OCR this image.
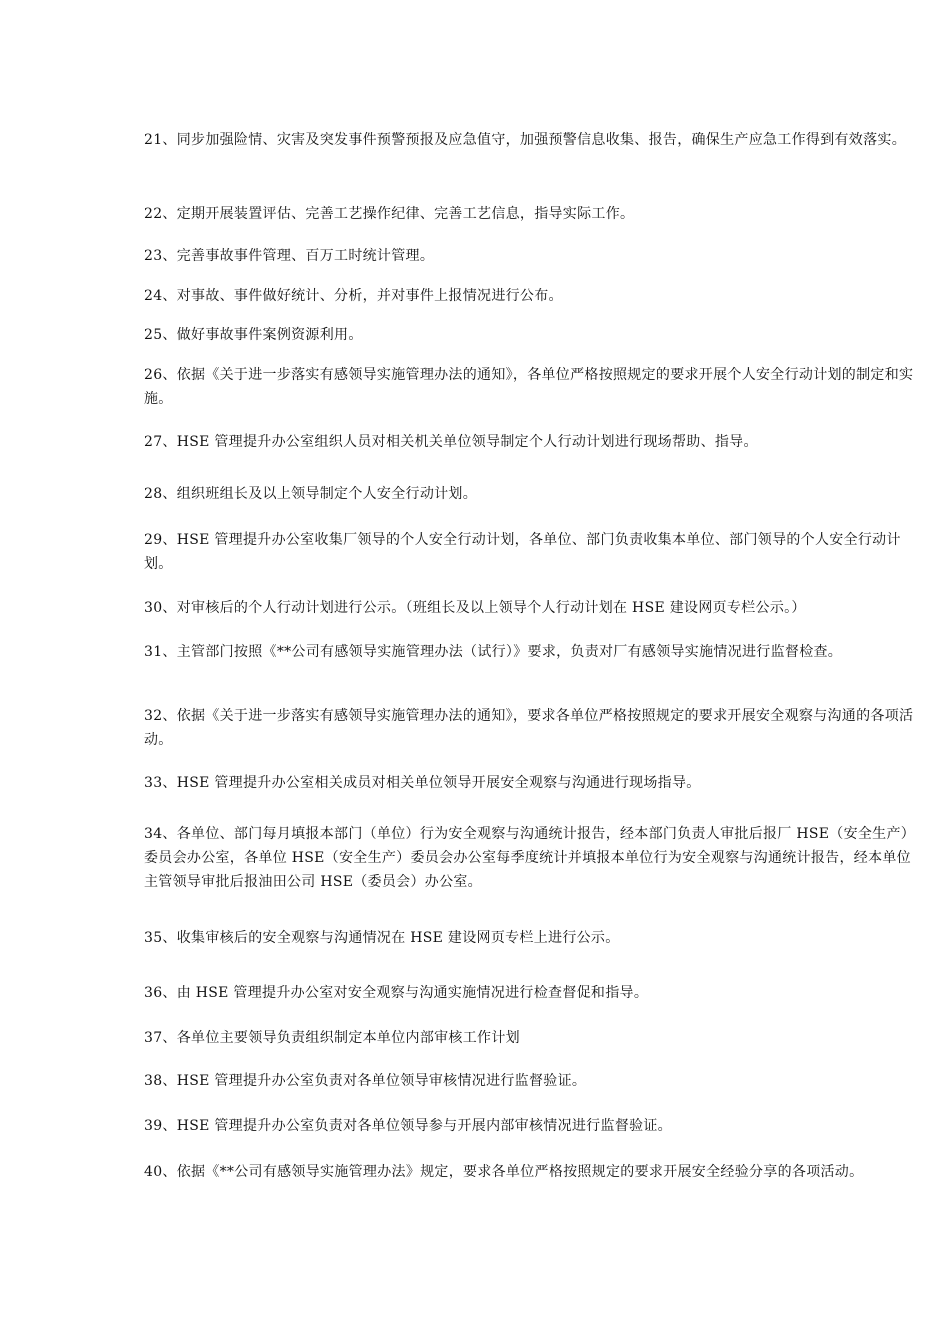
21、同步加强险情、灾害及突发事件预警预报及应急值守，加强预警信息收集、报告，确保生产应急工作得到有效落实。

22、定期开展装置评估、完善工艺操作纪律、完善工艺信息，指导实际工作。

23、完善事故事件管理、百万工时统计管理。

24、对事故、事件做好统计、分析，并对事件上报情况进行公布。

25、做好事故事件案例资源利用。

26、依据《关于进一步落实有感领导实施管理办法的通知》，各单位严格按照规定的要求开展个人安全行动计划的制定和实施。

27、HSE 管理提升办公室组织人员对相关机关单位领导制定个人行动计划进行现场帮助、指导。

28、组织班组长及以上领导制定个人安全行动计划。

29、HSE 管理提升办公室收集厂领导的个人安全行动计划，各单位、部门负责收集本单位、部门领导的个人安全行动计划。

30、对审核后的个人行动计划进行公示。（班组长及以上领导个人行动计划在 HSE 建设网页专栏公示。）

31、主管部门按照《**公司有感领导实施管理办法（试行）》要求，负责对厂有感领导实施情况进行监督检查。

32、依据《关于进一步落实有感领导实施管理办法的通知》，要求各单位严格按照规定的要求开展安全观察与沟通的各项活动。

33、HSE 管理提升办公室相关成员对相关单位领导开展安全观察与沟通进行现场指导。

34、各单位、部门每月填报本部门（单位）行为安全观察与沟通统计报告，经本部门负责人审批后报厂 HSE（安全生产）委员会办公室，各单位 HSE（安全生产）委员会办公室每季度统计并填报本单位行为安全观察与沟通统计报告，经本单位主管领导审批后报油田公司 HSE（委员会）办公室。

35、收集审核后的安全观察与沟通情况在 HSE 建设网页专栏上进行公示。

36、由 HSE 管理提升办公室对安全观察与沟通实施情况进行检查督促和指导。

37、各单位主要领导负责组织制定本单位内部审核工作计划

38、HSE 管理提升办公室负责对各单位领导审核情况进行监督验证。

39、HSE 管理提升办公室负责对各单位领导参与开展内部审核情况进行监督验证。

40、依据《**公司有感领导实施管理办法》规定，要求各单位严格按照规定的要求开展安全经验分享的各项活动。
